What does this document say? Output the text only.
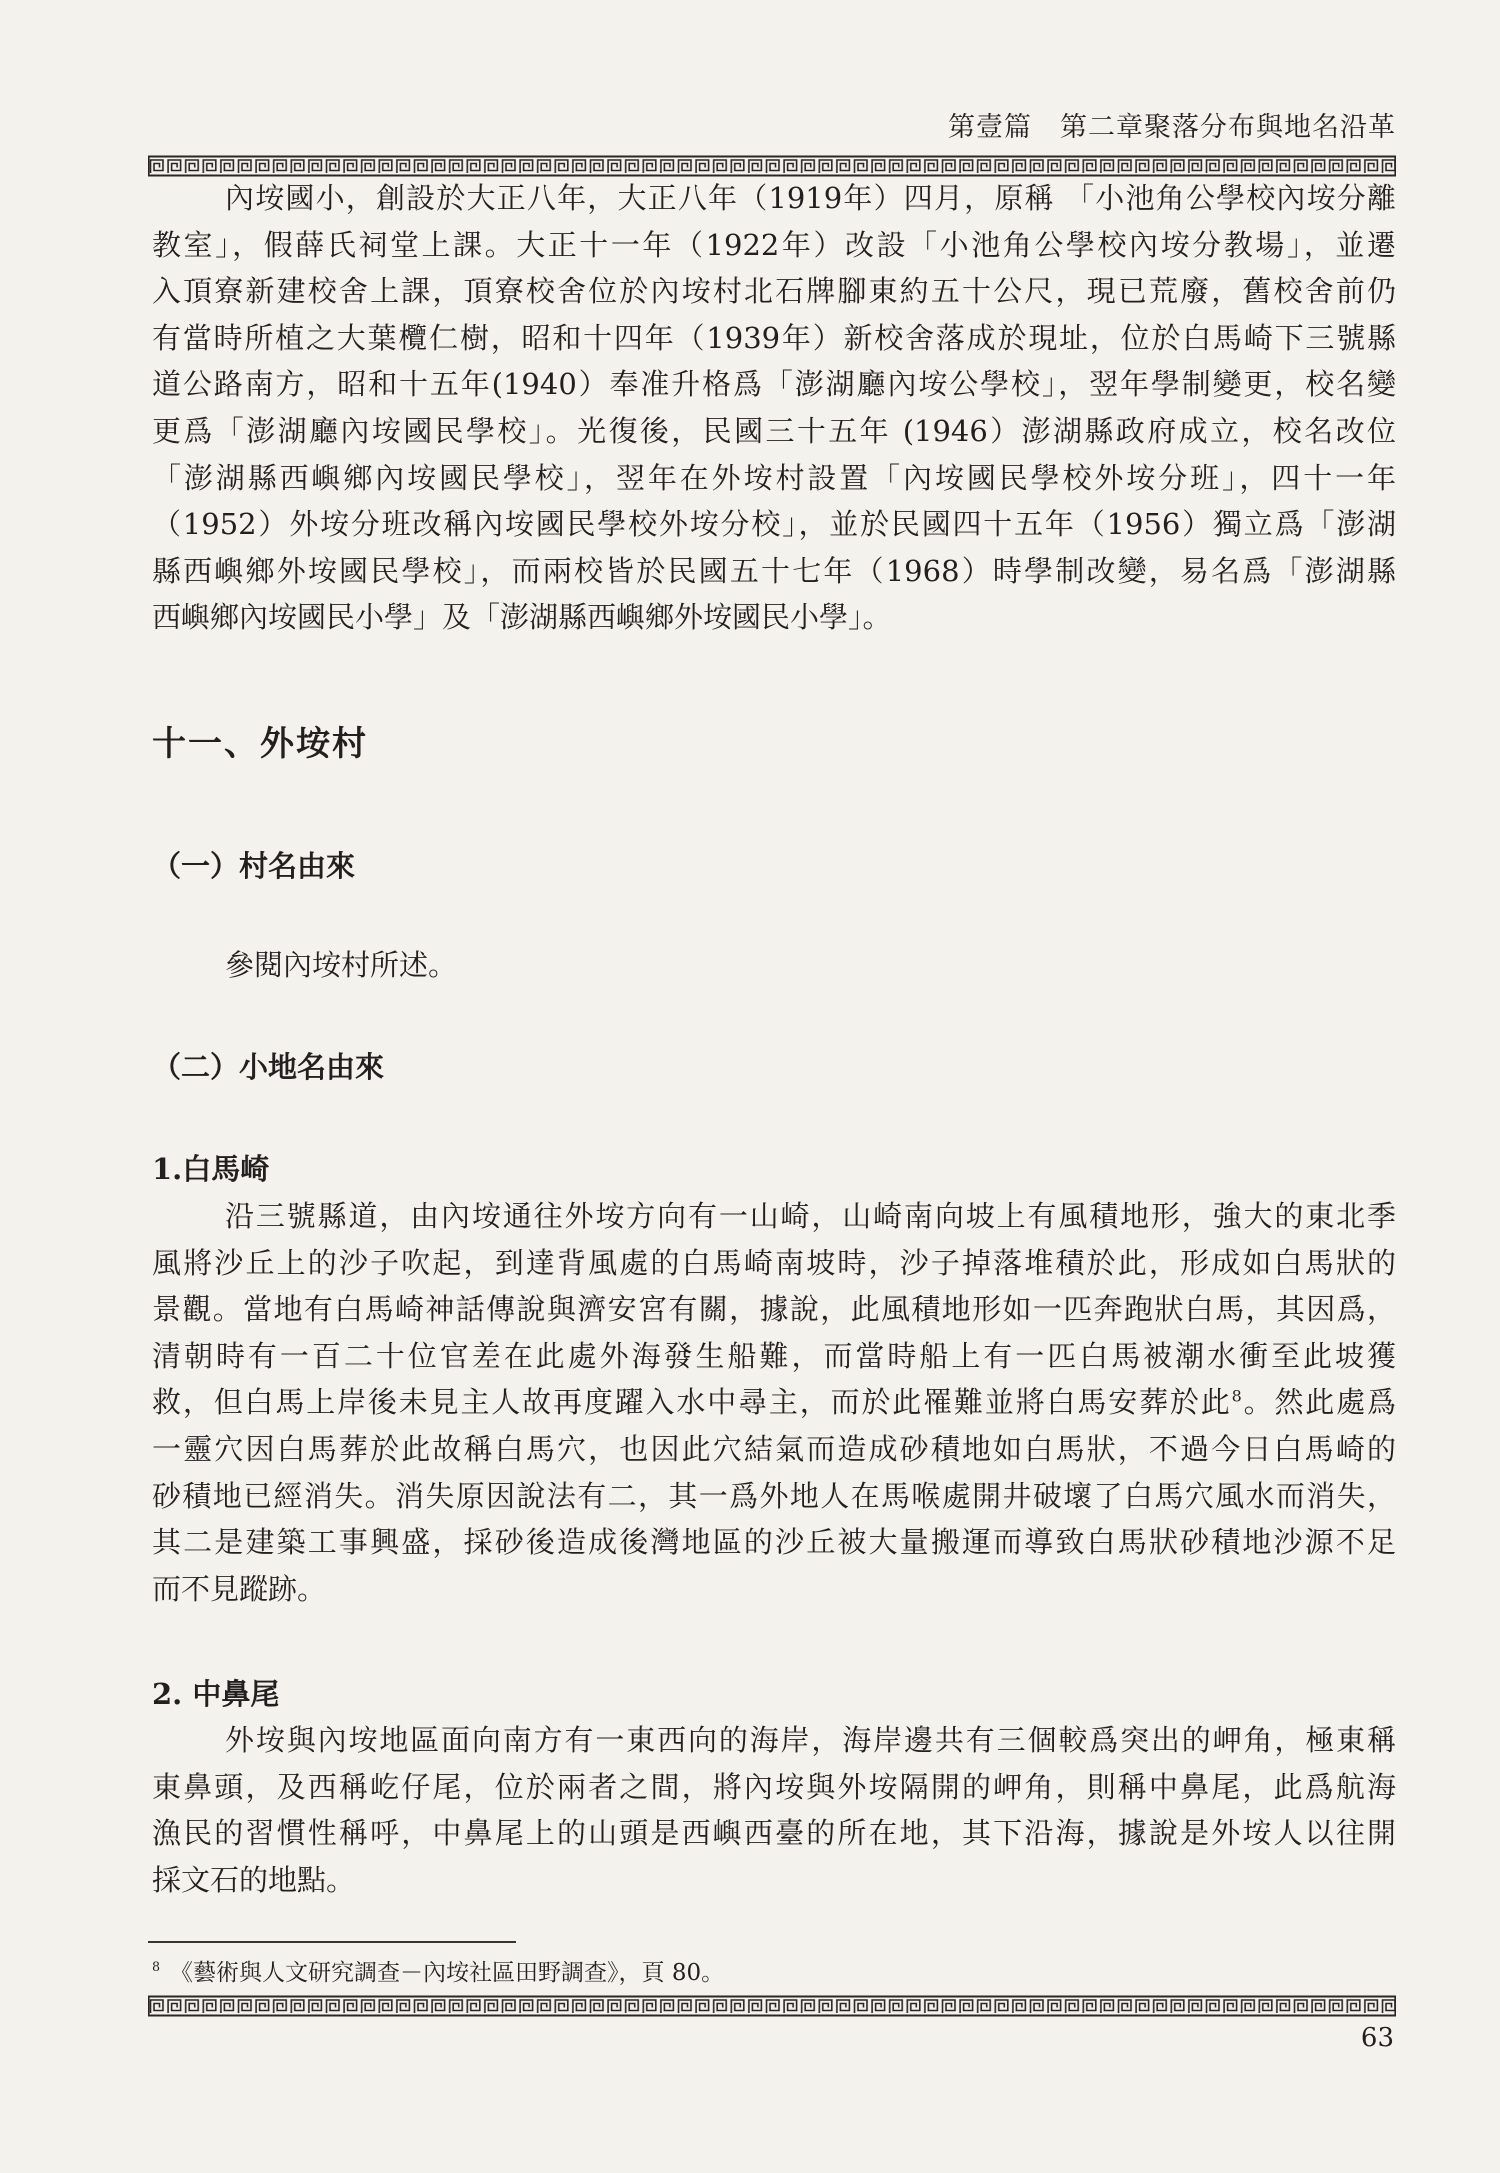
第壹篇　第二章聚落分布與地名沿革
內垵國小，創設於大正八年，大正八年（1919年）四月，原稱 「小池角公學校內垵分離
教室」，假薛氏祠堂上課。大正十一年（1922年）改設「小池角公學校內垵分教場」，並遷
入頂寮新建校舍上課，頂寮校舍位於內垵村北石牌腳東約五十公尺，現已荒廢，舊校舍前仍
有當時所植之大葉欖仁樹，昭和十四年（1939年）新校舍落成於現址，位於白馬崎下三號縣
道公路南方，昭和十五年(1940）奉准升格爲「澎湖廳內垵公學校」，翌年學制變更，校名變
更爲「澎湖廳內垵國民學校」。光復後，民國三十五年 (1946）澎湖縣政府成立，校名改位
「澎湖縣西嶼鄉內垵國民學校」，翌年在外垵村設置「內垵國民學校外垵分班」，四十一年
（1952）外垵分班改稱內垵國民學校外垵分校」，並於民國四十五年（1956）獨立爲「澎湖
縣西嶼鄉外垵國民學校」，而兩校皆於民國五十七年（1968）時學制改變，易名爲「澎湖縣
西嶼鄉內垵國民小學」及「澎湖縣西嶼鄉外垵國民小學」。
十一、外垵村
（一）村名由來
參閱內垵村所述。
（二）小地名由來
1.白馬崎
沿三號縣道，由內垵通往外垵方向有一山崎，山崎南向坡上有風積地形，強大的東北季
風將沙丘上的沙子吹起，到達背風處的白馬崎南坡時，沙子掉落堆積於此，形成如白馬狀的
景觀。當地有白馬崎神話傳說與濟安宮有關，據說，此風積地形如一匹奔跑狀白馬，其因爲，
清朝時有一百二十位官差在此處外海發生船難，而當時船上有一匹白馬被潮水衝至此坡獲
救，但白馬上岸後未見主人故再度躍入水中尋主，而於此罹難並將白馬安葬於此$^8$。然此處爲
一靈穴因白馬葬於此故稱白馬穴，也因此穴結氣而造成砂積地如白馬狀，不過今日白馬崎的
砂積地已經消失。消失原因說法有二，其一爲外地人在馬喉處開井破壞了白馬穴風水而消失，
其二是建築工事興盛，採砂後造成後灣地區的沙丘被大量搬運而導致白馬狀砂積地沙源不足
而不見蹤跡。
2. 中鼻尾
外垵與內垵地區面向南方有一東西向的海岸，海岸邊共有三個較爲突出的岬角，極東稱
東鼻頭，及西稱屹仔尾，位於兩者之間，將內垵與外垵隔開的岬角，則稱中鼻尾，此爲航海
漁民的習慣性稱呼，中鼻尾上的山頭是西嶼西臺的所在地，其下沿海，據說是外垵人以往開
採文石的地點。
$^8$ 《藝術與人文研究調查－內垵社區田野調查》，頁 80。
63
